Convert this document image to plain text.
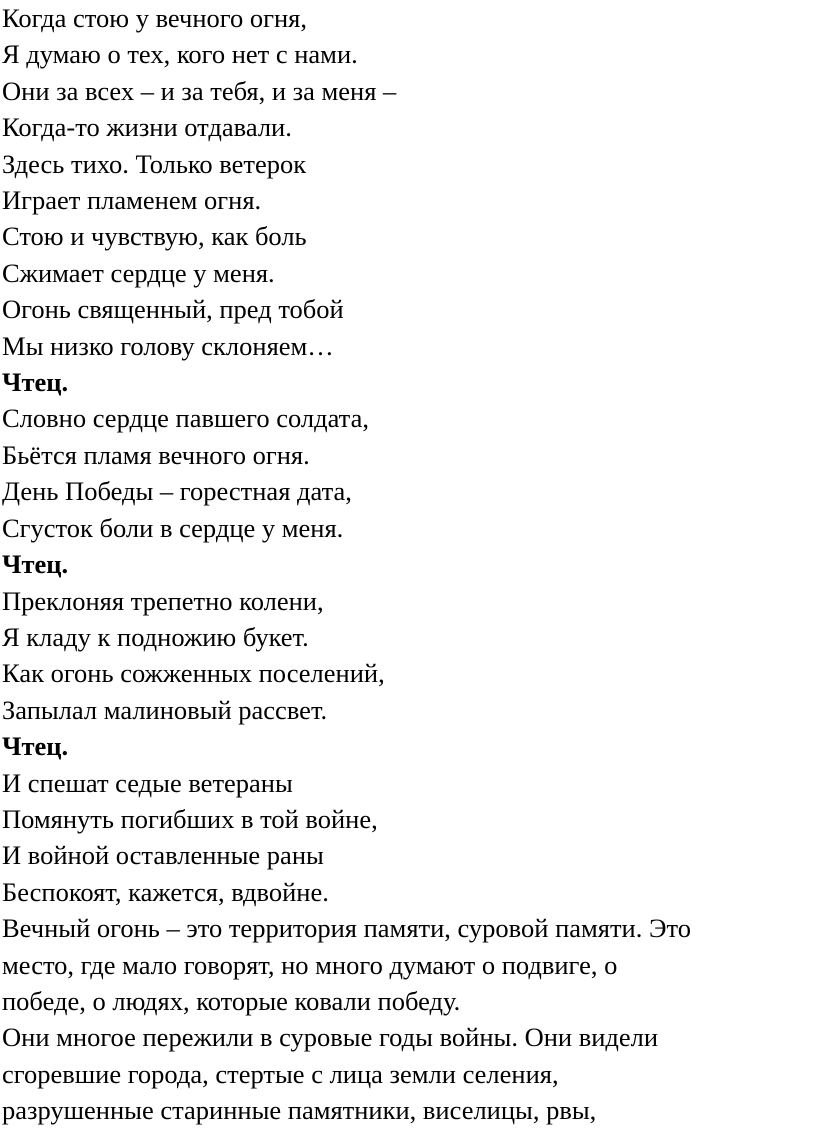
Когда стою у вечного огня,
Я думаю о тех, кого нет с нами.
Они за всех – и за тебя, и за меня –
Когда-то жизни отдавали.
Здесь тихо. Только ветерок
Играет пламенем огня.
Стою и чувствую, как боль
Сжимает сердце у меня.
Огонь священный, пред тобой
Мы низко голову склоняем…
Чтец.
Словно сердце павшего солдата,
Бьётся пламя вечного огня.
День Победы – горестная дата,
Сгусток боли в сердце у меня.
Чтец.
Преклоняя трепетно колени,
Я кладу к подножию букет.
Как огонь сожженных поселений,
Запылал малиновый рассвет.
Чтец.
И спешат седые ветераны
Помянуть погибших в той войне,
И войной оставленные раны
Беспокоят, кажется, вдвойне.
Вечный огонь – это территория памяти, суровой памяти. Это
место, где мало говорят, но много думают о подвиге, о
победе, о людях, которые ковали победу.
Они многое пережили в суровые годы войны. Они видели
сгоревшие города, стертые с лица земли селения,
разрушенные старинные памятники, виселицы, рвы,
